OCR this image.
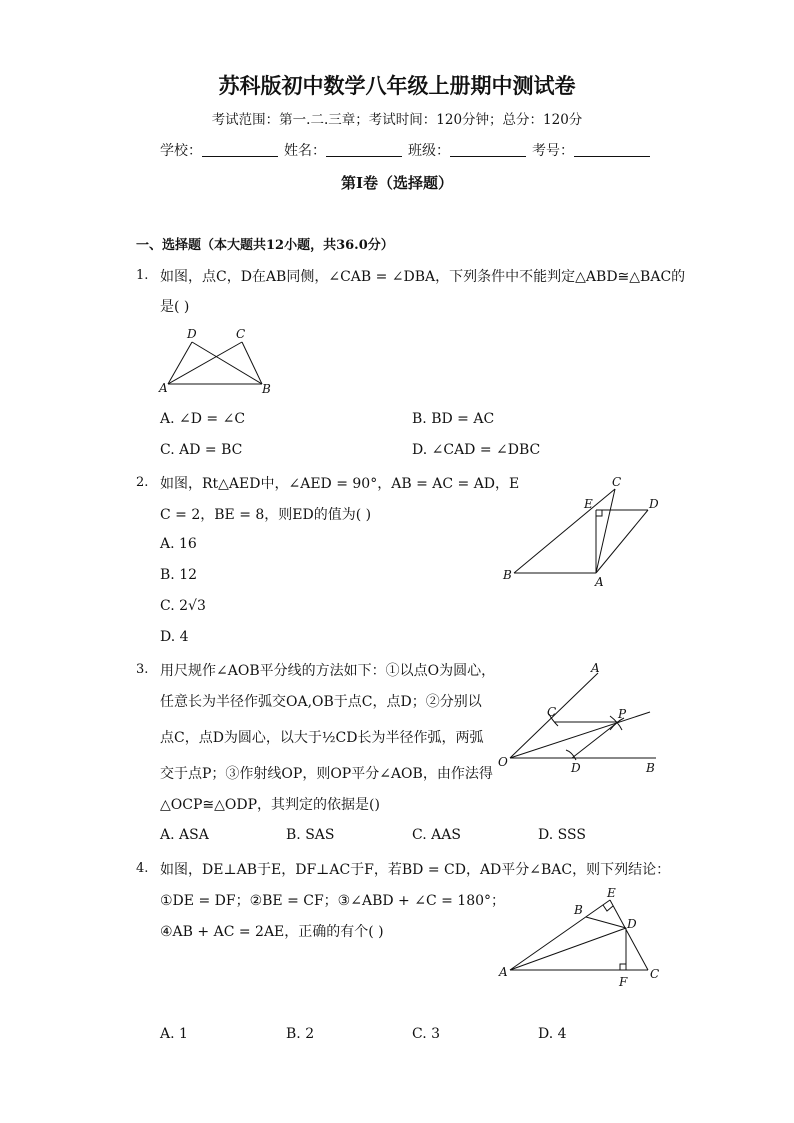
苏科版初中数学八年级上册期中测试卷
考试范围：第一.二.三章；考试时间：120分钟；总分：120分
学校：	姓名：	班级：	考号：
第Ⅰ卷（选择题）
一、选择题（本大题共12小题，共36.0分）
1. 如图，点C，D在AB同侧，∠CAB = ∠DBA，下列条件中不能判定△ABD≅△BAC的
是( )
D	C
A	B
A. ∠D = ∠C	B. BD = AC
C. AD = BC	D. ∠CAD = ∠DBC
2. 如图，Rt△AED中，∠AED = 90°，AB = AC = AD，E
C = 2，BE = 8，则ED的值为( )
A. 16
B. 12
C. 2√3
D. 4
C
E	D
B	A
3. 用尺规作∠AOB平分线的方法如下：①以点O为圆心，
任意长为半径作弧交OA,OB于点C，点D；②分别以
点C，点D为圆心，以大于½CD长为半径作弧，两弧
交于点P；③作射线OP，则OP平分∠AOB，由作法得
△OCP≅△ODP，其判定的依据是()
A
C	P
O	D	B
A. ASA	B. SAS	C. AAS	D. SSS
4. 如图，DE⊥AB于E，DF⊥AC于F，若BD = CD，AD平分∠BAC，则下列结论：
①DE = DF；②BE = CF；③∠ABD + ∠C = 180°；
④AB + AC = 2AE，正确的有个( )
E
B
D
A
F
C
A. 1	B. 2	C. 3	D. 4
